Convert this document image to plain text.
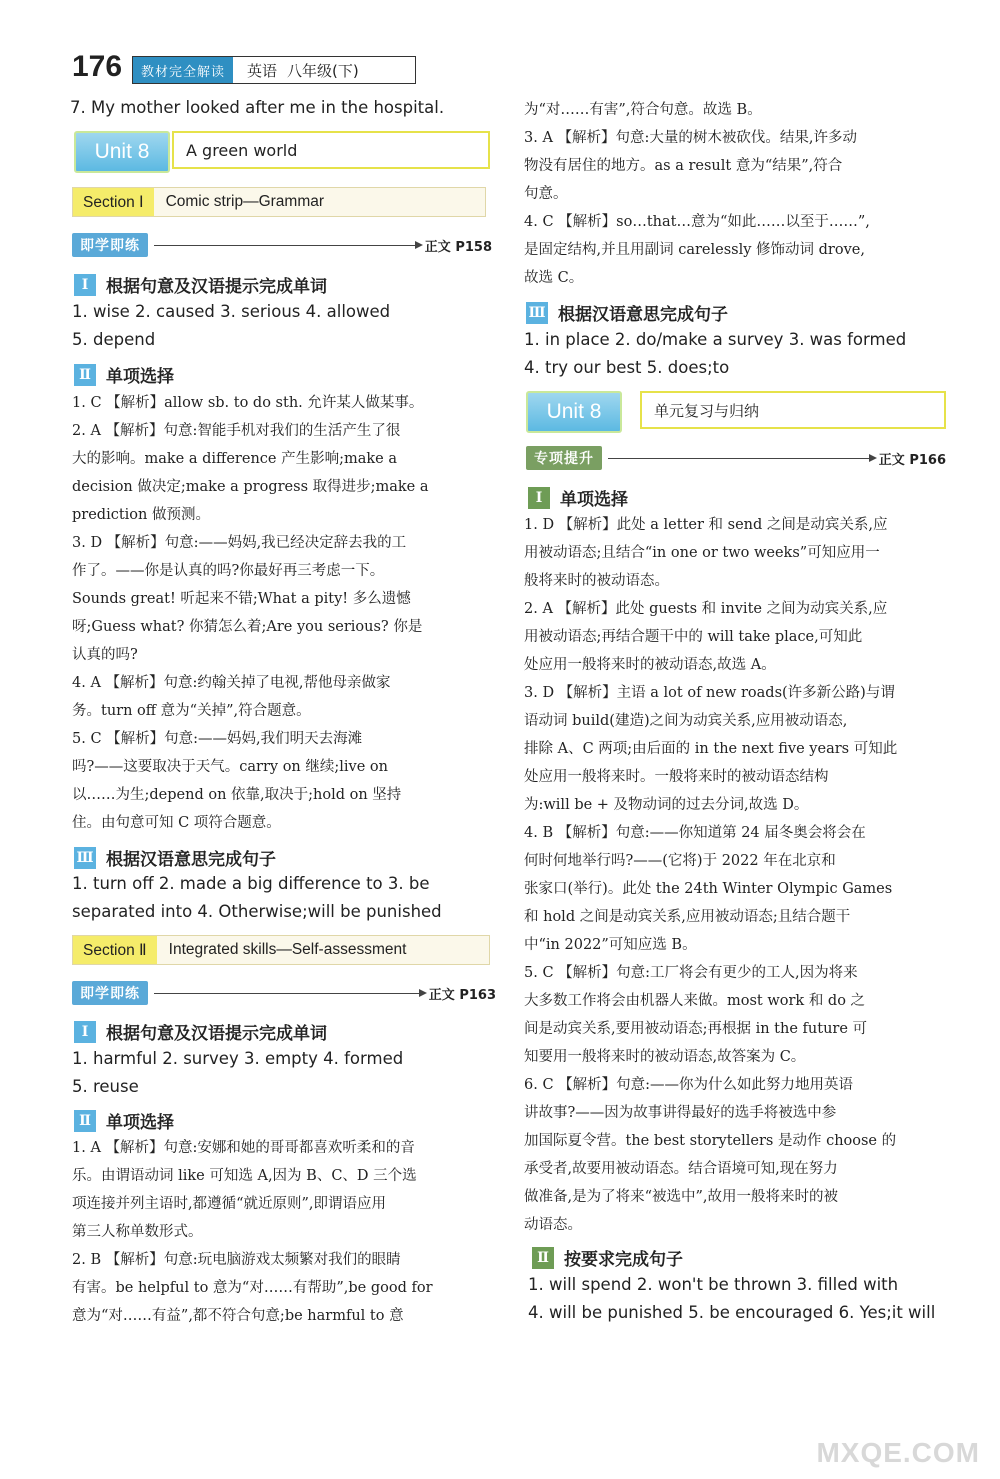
176	教材完全解读	英语 八年级(下)
7. My mother looked after me in the hospital.
Unit 8	A green world
Section Ⅰ	Comic strip—Grammar
即学即练	正文 P158
Ⅰ	根据句意及汉语提示完成单词
1. wise 2. caused 3. serious 4. allowed
5. depend
Ⅱ 单项选择
1. C 【解析】allow sb. to do sth. 允许某人做某事。
2. A 【解析】句意:智能手机对我们的生活产生了很
大的影响。make a difference 产生影响;make a
decision 做决定;make a progress 取得进步;make a
prediction 做预测。
3. D 【解析】句意:——妈妈,我已经决定辞去我的工
作了。——你是认真的吗?你最好再三考虑一下。
Sounds great! 听起来不错;What a pity! 多么遗憾
呀;Guess what? 你猜怎么着;Are you serious? 你是
认真的吗?
4. A 【解析】句意:约翰关掉了电视,帮他母亲做家
务。turn off 意为“关掉”,符合题意。
5. C 【解析】句意:——妈妈,我们明天去海滩
吗?——这要取决于天气。carry on 继续;live on
以……为生;depend on 依靠,取决于;hold on 坚持
住。由句意可知 C 项符合题意。
Ⅲ 根据汉语意思完成句子
1. turn off 2. made a big difference to 3. be
separated into 4. Otherwise;will be punished
Section Ⅱ	Integrated skills—Self-assessment
即学即练	正文 P163
Ⅰ	根据句意及汉语提示完成单词
1. harmful 2. survey 3. empty 4. formed
5. reuse
Ⅱ 单项选择
1. A 【解析】句意:安娜和她的哥哥都喜欢听柔和的音
乐。由谓语动词 like 可知选 A,因为 B、C、D 三个选
项连接并列主语时,都遵循“就近原则”,即谓语应用
第三人称单数形式。
2. B 【解析】句意:玩电脑游戏太频繁对我们的眼睛
有害。be helpful to 意为“对……有帮助”,be good for
意为“对……有益”,都不符合句意;be harmful to 意
为“对……有害”,符合句意。故选 B。
3. A 【解析】句意:大量的树木被砍伐。结果,许多动
物没有居住的地方。as a result 意为“结果”,符合
句意。
4. C 【解析】so…that…意为“如此……以至于……”,
是固定结构,并且用副词 carelessly 修饰动词 drove,
故选 C。
Ⅲ 根据汉语意思完成句子
1. in place 2. do/make a survey 3. was formed
4. try our best 5. does;to
Unit 8	单元复习与归纳
专项提升	正文 P166
Ⅰ	单项选择
1. D 【解析】此处 a letter 和 send 之间是动宾关系,应
用被动语态;且结合“in one or two weeks”可知应用一
般将来时的被动语态。
2. A 【解析】此处 guests 和 invite 之间为动宾关系,应
用被动语态;再结合题干中的 will take place,可知此
处应用一般将来时的被动语态,故选 A。
3. D 【解析】主语 a lot of new roads(许多新公路)与谓
语动词 build(建造)之间为动宾关系,应用被动语态,
排除 A、C 两项;由后面的 in the next five years 可知此
处应用一般将来时。一般将来时的被动语态结构
为:will be + 及物动词的过去分词,故选 D。
4. B 【解析】句意:——你知道第 24 届冬奥会将会在
何时何地举行吗?——(它将)于 2022 年在北京和
张家口(举行)。此处 the 24th Winter Olympic Games
和 hold 之间是动宾关系,应用被动语态;且结合题干
中“in 2022”可知应选 B。
5. C 【解析】句意:工厂将会有更少的工人,因为将来
大多数工作将会由机器人来做。most work 和 do 之
间是动宾关系,要用被动语态;再根据 in the future 可
知要用一般将来时的被动语态,故答案为 C。
6. C 【解析】句意:——你为什么如此努力地用英语
讲故事?——因为故事讲得最好的选手将被选中参
加国际夏令营。the best storytellers 是动作 choose 的
承受者,故要用被动语态。结合语境可知,现在努力
做准备,是为了将来“被选中”,故用一般将来时的被
动语态。
Ⅱ 按要求完成句子
1. will spend 2. won't be thrown 3. filled with
4. will be punished 5. be encouraged 6. Yes;it will
MXQE.COM
